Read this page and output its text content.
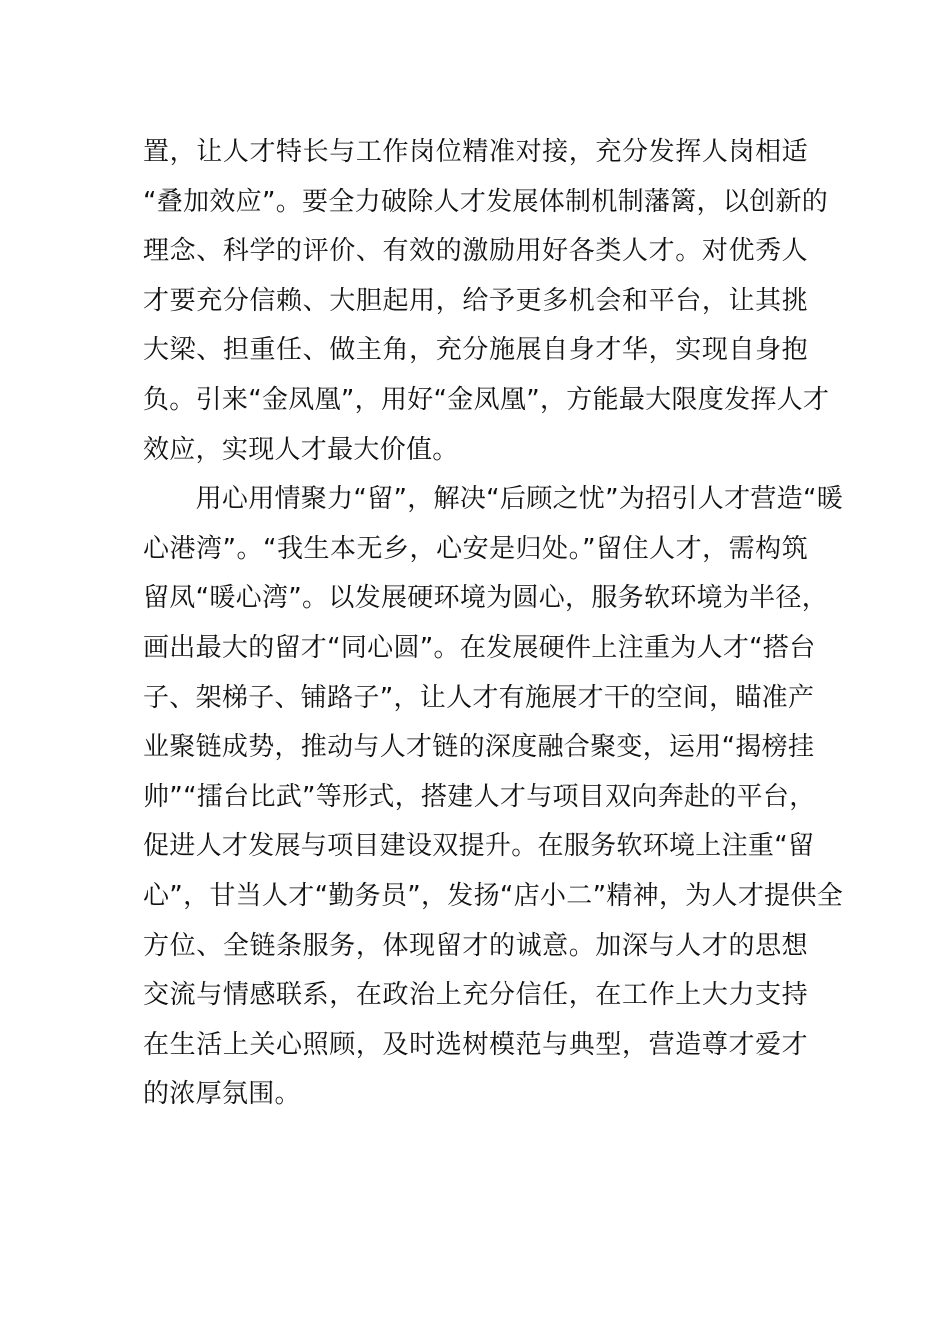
置，让人才特长与工作岗位精准对接，充分发挥人岗相适
“叠加效应”。要全力破除人才发展体制机制藩篱，以创新的
理念、科学的评价、有效的激励用好各类人才。对优秀人
才要充分信赖、大胆起用，给予更多机会和平台，让其挑
大梁、担重任、做主角，充分施展自身才华，实现自身抱
负。引来“金凤凰”，用好“金凤凰”，方能最大限度发挥人才
效应，实现人才最大价值。
　　用心用情聚力“留”，解决“后顾之忧”为招引人才营造“暖
心港湾”。“我生本无乡，心安是归处。”留住人才，需构筑
留凤“暖心湾”。以发展硬环境为圆心，服务软环境为半径，
画出最大的留才“同心圆”。在发展硬件上注重为人才“搭台
子、架梯子、铺路子”，让人才有施展才干的空间，瞄准产
业聚链成势，推动与人才链的深度融合聚变，运用“揭榜挂
帅”“擂台比武”等形式，搭建人才与项目双向奔赴的平台，
促进人才发展与项目建设双提升。在服务软环境上注重“留
心”，甘当人才“勤务员”，发扬“店小二”精神，为人才提供全
方位、全链条服务，体现留才的诚意。加深与人才的思想
交流与情感联系，在政治上充分信任，在工作上大力支持
在生活上关心照顾，及时选树模范与典型，营造尊才爱才
的浓厚氛围。
